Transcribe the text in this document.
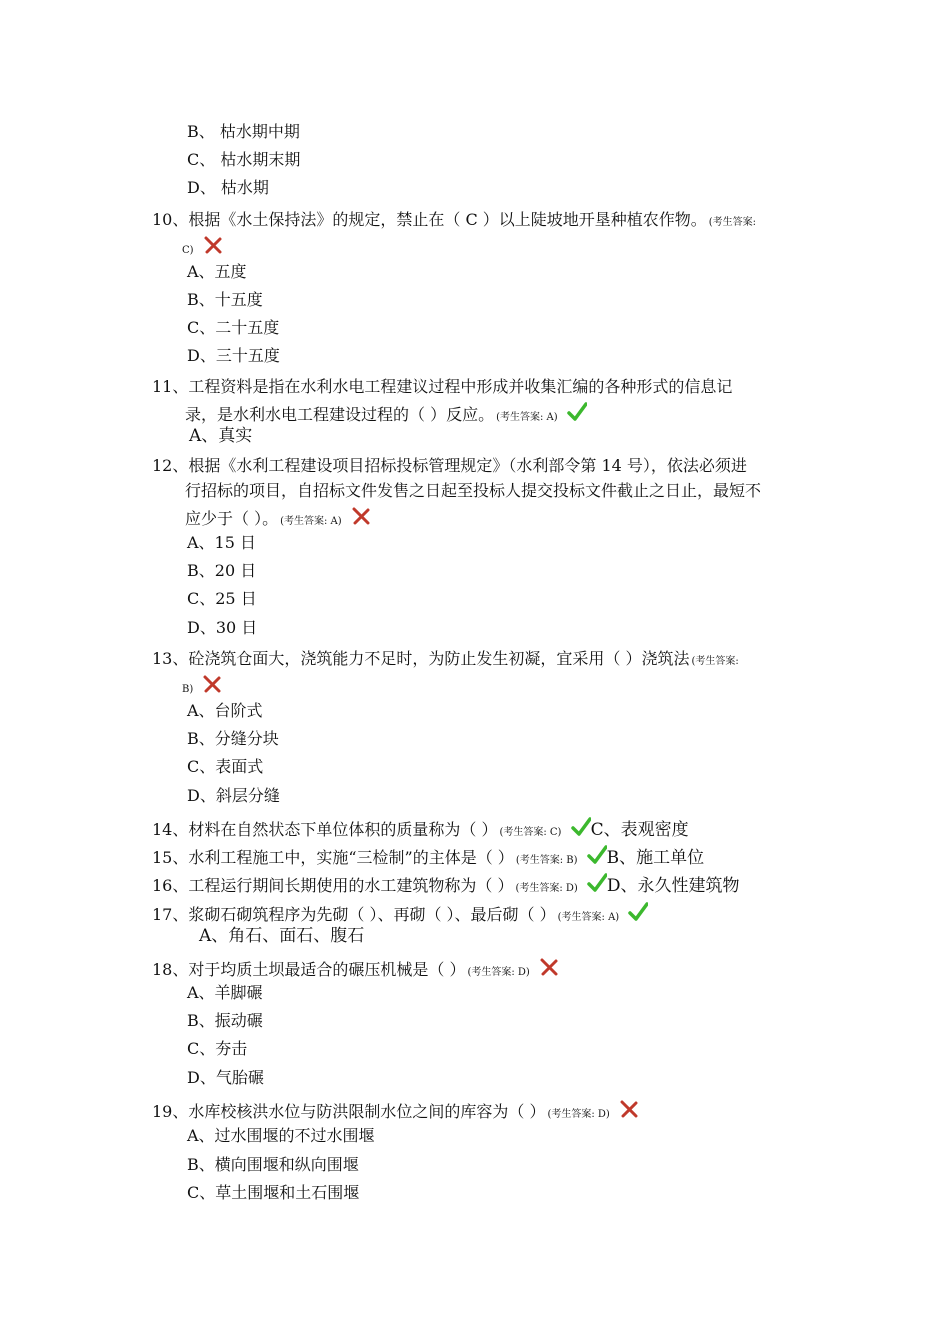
B、 枯水期中期
C、 枯水期末期
D、 枯水期
10、根据《水土保持法》的规定，禁止在（ C ）以上陡坡地开垦种植农作物。 (考生答案:
C)
A、五度
B、十五度
C、二十五度
D、三十五度
11、工程资料是指在水利水电工程建议过程中形成并收集汇编的各种形式的信息记
录，是水利水电工程建设过程的（ ）反应。 (考生答案: A)
A、真实
12、根据《水利工程建设项目招标投标管理规定》（水利部令第 14 号），依法必须进
行招标的项目，自招标文件发售之日起至投标人提交投标文件截止之日止，最短不
应少于（ ）。 (考生答案: A)
A、15 日
B、20 日
C、25 日
D、30 日
13、砼浇筑仓面大，浇筑能力不足时，为防止发生初凝，宜采用（ ）浇筑法 (考生答案:
B)
A、台阶式
B、分缝分块
C、表面式
D、斜层分缝
14、材料在自然状态下单位体积的质量称为（ ） (考生答案: C) C、表观密度
15、水利工程施工中，实施“三检制”的主体是（ ） (考生答案: B) B、施工单位
16、工程运行期间长期使用的水工建筑物称为（ ） (考生答案: D) D、永久性建筑物
17、浆砌石砌筑程序为先砌（ ）、再砌（ ）、最后砌（ ） (考生答案: A)
A、角石、面石、腹石
18、对于均质土坝最适合的碾压机械是（ ） (考生答案: D)
A、羊脚碾
B、振动碾
C、夯击
D、气胎碾
19、水库校核洪水位与防洪限制水位之间的库容为（ ） (考生答案: D)
A、过水围堰的不过水围堰
B、横向围堰和纵向围堰
C、草土围堰和土石围堰
